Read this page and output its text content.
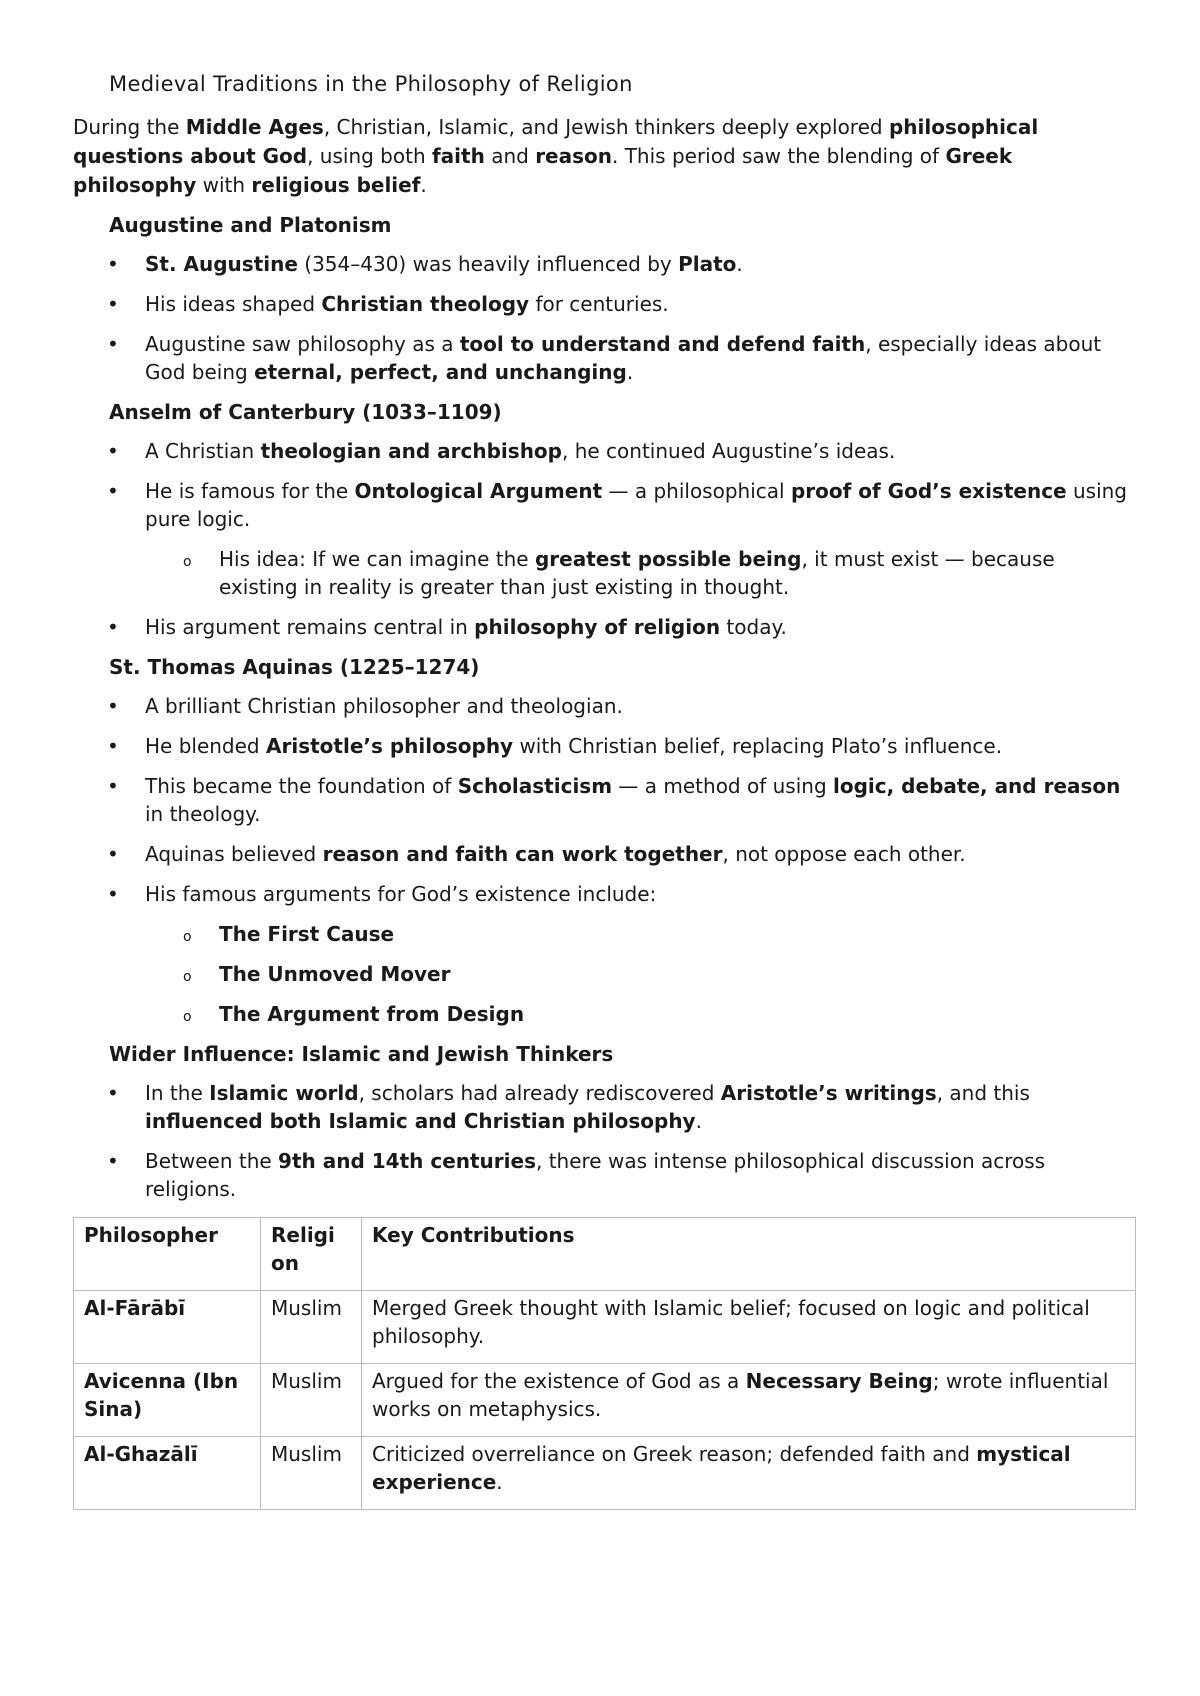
Medieval Traditions in the Philosophy of Religion

During the Middle Ages, Christian, Islamic, and Jewish thinkers deeply explored philosophical questions about God, using both faith and reason. This period saw the blending of Greek philosophy with religious belief.

Augustine and Platonism
• St. Augustine (354–430) was heavily influenced by Plato.
• His ideas shaped Christian theology for centuries.
• Augustine saw philosophy as a tool to understand and defend faith, especially ideas about God being eternal, perfect, and unchanging.
Anselm of Canterbury (1033–1109)
• A Christian theologian and archbishop, he continued Augustine’s ideas.
• He is famous for the Ontological Argument — a philosophical proof of God’s existence using pure logic.
o His idea: If we can imagine the greatest possible being, it must exist — because existing in reality is greater than just existing in thought.
• His argument remains central in philosophy of religion today.
St. Thomas Aquinas (1225–1274)
• A brilliant Christian philosopher and theologian.
• He blended Aristotle’s philosophy with Christian belief, replacing Plato’s influence.
• This became the foundation of Scholasticism — a method of using logic, debate, and reason in theology.
• Aquinas believed reason and faith can work together, not oppose each other.
• His famous arguments for God’s existence include:
o The First Cause
o The Unmoved Mover
o The Argument from Design
Wider Influence: Islamic and Jewish Thinkers
• In the Islamic world, scholars had already rediscovered Aristotle’s writings, and this influenced both Islamic and Christian philosophy.
• Between the 9th and 14th centuries, there was intense philosophical discussion across religions.
Philosopher	Religi on	Key Contributions
Al-Fārābī	Muslim	Merged Greek thought with Islamic belief; focused on logic and political philosophy.
Avicenna (Ibn Sina)	Muslim	Argued for the existence of God as a Necessary Being; wrote influential works on metaphysics.
Al-Ghazālī	Muslim	Criticized overreliance on Greek reason; defended faith and mystical experience.
